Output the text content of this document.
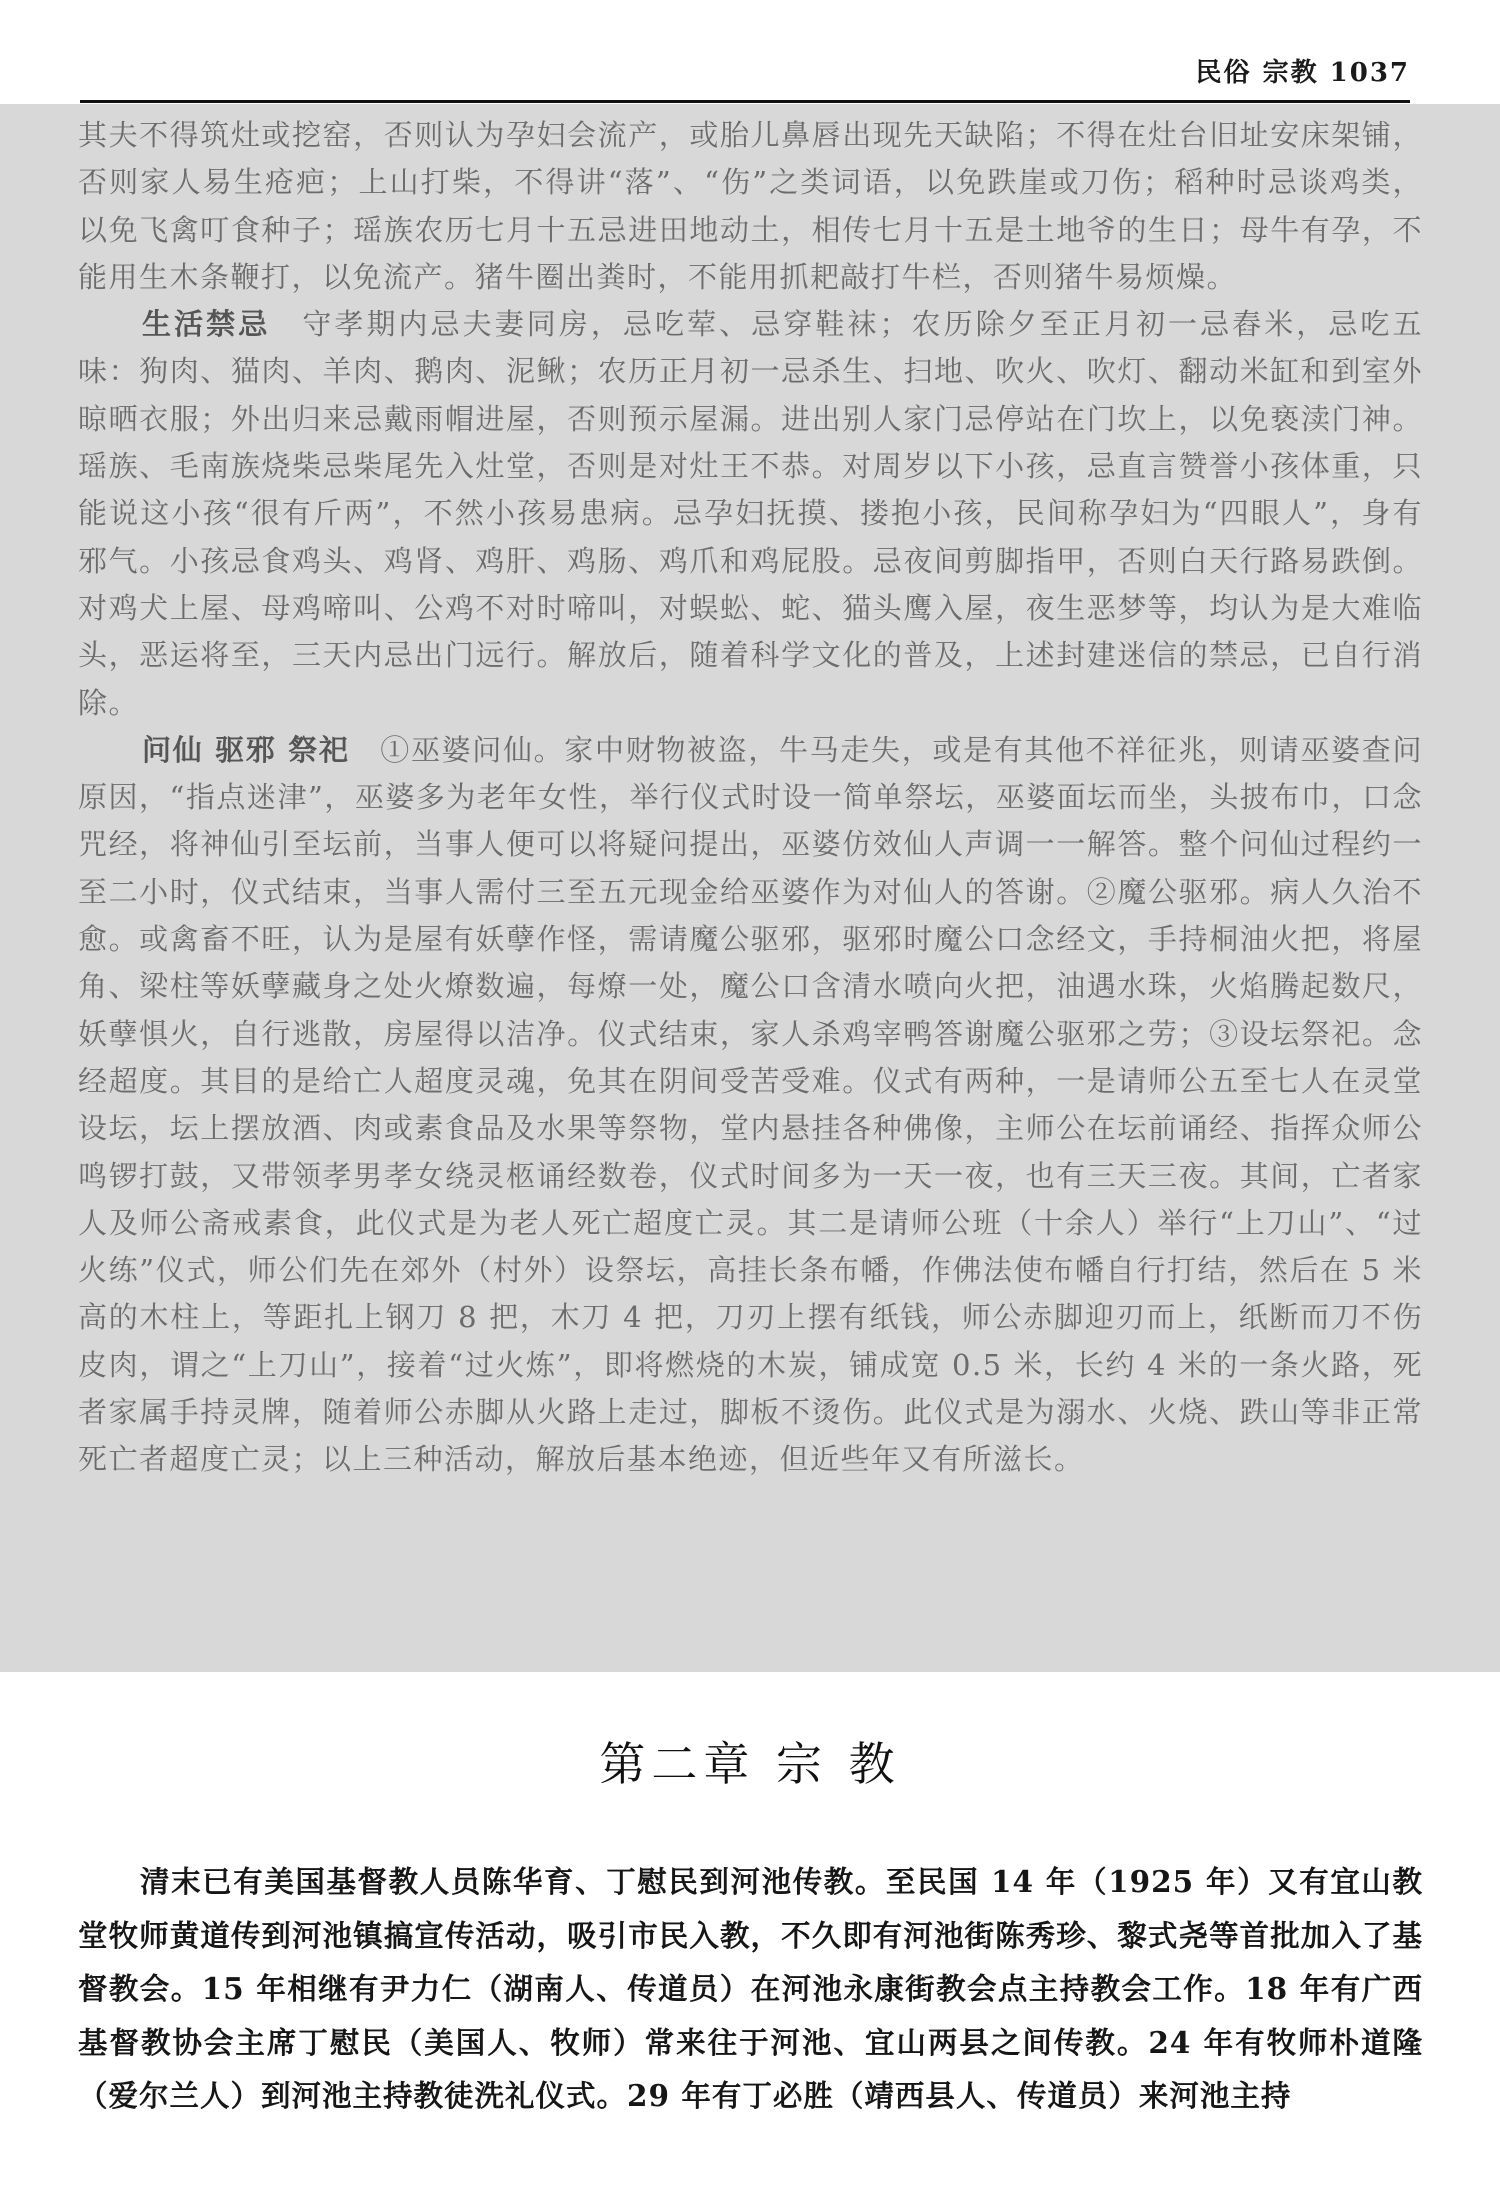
民俗 宗教 1037

其夫不得筑灶或挖窑，否则认为孕妇会流产，或胎儿鼻唇出现先天缺陷；不得在灶台旧址安床架铺，否则家人易生疮疤；上山打柴，不得讲“落”、“伤”之类词语，以免跌崖或刀伤；稻种时忌谈鸡类，以免飞禽叮食种子；瑶族农历七月十五忌进田地动土，相传七月十五是土地爷的生日；母牛有孕，不能用生木条鞭打，以免流产。猪牛圈出粪时，不能用抓耙敲打牛栏，否则猪牛易烦燥。

生活禁忌　 守孝期内忌夫妻同房，忌吃荤、忌穿鞋袜；农历除夕至正月初一忌舂米，忌吃五味：狗肉、猫肉、羊肉、鹅肉、泥鳅；农历正月初一忌杀生、扫地、吹火、吹灯、翻动米缸和到室外晾晒衣服；外出归来忌戴雨帽进屋，否则预示屋漏。进出别人家门忌停站在门坎上，以免亵渎门神。瑶族、毛南族烧柴忌柴尾先入灶堂，否则是对灶王不恭。对周岁以下小孩，忌直言赞誉小孩体重，只能说这小孩“很有斤两”，不然小孩易患病。忌孕妇抚摸、搂抱小孩，民间称孕妇为“四眼人”，身有邪气。小孩忌食鸡头、鸡肾、鸡肝、鸡肠、鸡爪和鸡屁股。忌夜间剪脚指甲，否则白天行路易跌倒。对鸡犬上屋、母鸡啼叫、公鸡不对时啼叫，对蜈蚣、蛇、猫头鹰入屋，夜生恶梦等，均认为是大难临头，恶运将至，三天内忌出门远行。解放后，随着科学文化的普及，上述封建迷信的禁忌，已自行消除。

问仙 驱邪 祭祀　 ①巫婆问仙。家中财物被盗，牛马走失，或是有其他不祥征兆，则请巫婆查问原因，“指点迷津”，巫婆多为老年女性，举行仪式时设一简单祭坛，巫婆面坛而坐，头披布巾，口念咒经，将神仙引至坛前，当事人便可以将疑问提出，巫婆仿效仙人声调一一解答。整个问仙过程约一至二小时，仪式结束，当事人需付三至五元现金给巫婆作为对仙人的答谢。②魔公驱邪。病人久治不愈。或禽畜不旺，认为是屋有妖孽作怪，需请魔公驱邪，驱邪时魔公口念经文，手持桐油火把，将屋角、梁柱等妖孽藏身之处火燎数遍，每燎一处，魔公口含清水喷向火把，油遇水珠，火焰腾起数尺，妖孽惧火，自行逃散，房屋得以洁净。仪式结束，家人杀鸡宰鸭答谢魔公驱邪之劳；③设坛祭祀。念经超度。其目的是给亡人超度灵魂，免其在阴间受苦受难。仪式有两种，一是请师公五至七人在灵堂设坛，坛上摆放酒、肉或素食品及水果等祭物，堂内悬挂各种佛像，主师公在坛前诵经、指挥众师公鸣锣打鼓，又带领孝男孝女绕灵柩诵经数卷，仪式时间多为一天一夜，也有三天三夜。其间，亡者家人及师公斋戒素食，此仪式是为老人死亡超度亡灵。其二是请师公班（十余人）举行“上刀山”、“过火练”仪式，师公们先在郊外（村外）设祭坛，高挂长条布幡，作佛法使布幡自行打结，然后在 5 米高的木柱上，等距扎上钢刀 8 把，木刀 4 把，刀刃上摆有纸钱，师公赤脚迎刃而上，纸断而刀不伤皮肉，谓之“上刀山”，接着“过火炼”，即将燃烧的木炭，铺成宽 0.5 米，长约 4 米的一条火路，死者家属手持灵牌，随着师公赤脚从火路上走过，脚板不烫伤。此仪式是为溺水、火烧、跌山等非正常死亡者超度亡灵；以上三种活动，解放后基本绝迹，但近些年又有所滋长。

第二章 宗 教

清末已有美国基督教人员陈华育、丁慰民到河池传教。至民国 14 年（1925 年）又有宜山教堂牧师黄道传到河池镇搞宣传活动，吸引市民入教，不久即有河池街陈秀珍、黎式尧等首批加入了基督教会。15 年相继有尹力仁（湖南人、传道员）在河池永康街教会点主持教会工作。18 年有广西基督教协会主席丁慰民（美国人、牧师）常来往于河池、宜山两县之间传教。24 年有牧师朴道隆（爱尔兰人）到河池主持教徒洗礼仪式。29 年有丁必胜（靖西县人、传道员）来河池主持
